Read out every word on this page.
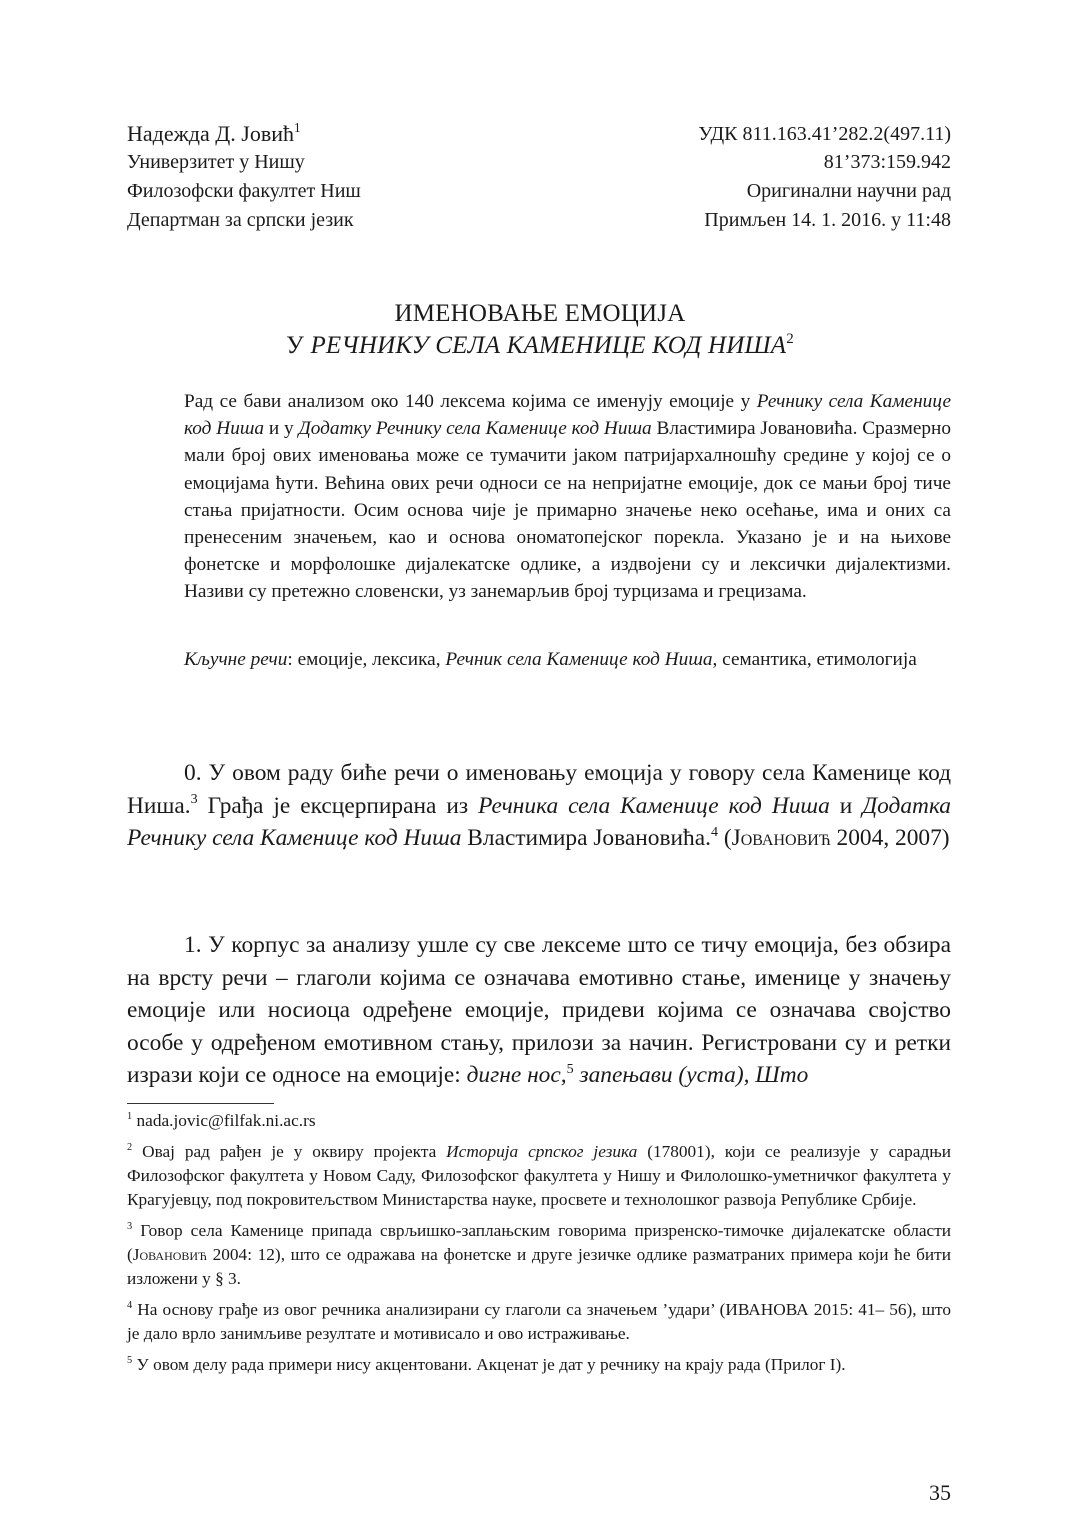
Надежда Д. Јовић$^1$
Универзитет у Нишу
Филозофски факултет Ниш
Департман за српски језик
УДК 811.163.41’282.2(497.11)
81’373:159.942
Оригинални научни рад
Примљен 14. 1. 2016. у 11:48
ИМЕНОВАЊЕ ЕМОЦИЈА
У РЕЧНИКУ СЕЛА КАМЕНИЦЕ КОД НИША$^2$
Рад се бави анализом око 140 лексема којима се именују емоције у Речнику села Каменице код Ниша и у Додатку Речнику села Каменице код Ниша Властимира Јовановића. Сразмерно мали број ових именовања може се тумачити јаком патријархалношћу средине у којој се о емоцијама ћути. Већина ових речи односи се на непријатне емоције, док се мањи број тиче стања пријатности. Осим основа чије је примарно значење неко осећање, има и оних са пренесеним значењем, као и основа ономатопејског порекла. Указано је и на њихове фонетске и морфолошке дијалекатске одлике, а издвојени су и лексички дијалектизми. Називи су претежно словенски, уз занемарљив број турцизама и грецизама.
Кључне речи: емоције, лексика, Речник села Каменице код Ниша, семантика, етимологија
0. У овом раду биће речи о именовању емоција у говору села Каменице код Ниша.$^3$ Грађа је ексцерпирана из Речника села Каменице код Ниша и Додатка Речнику села Каменице код Ниша Властимира Јовановића.$^4$ (Јовановић 2004, 2007)
1. У корпус за анализу ушле су све лексеме што се тичу емоција, без обзира на врсту речи – глаголи којима се означава емотивно стање, именице у значењу емоције или носиоца одређене емоције, придеви којима се означава својство особе у одређеном емотивном стању, прилози за начин. Регистровани су и ретки изрази који се односе на емоције: дигне нос,$^5$ запењави (уста), Што
$^1$ nada.jovic@filfak.ni.ac.rs
$^2$ Овај рад рађен је у оквиру пројекта Историја српског језика (178001), који се реализује у сарадњи Филозофског факултета у Новом Саду, Филозофског факултета у Нишу и Филолошко-уметничког факултета у Крагујевцу, под покровитељством Министарства науке, просвете и технолошког развоја Републике Србије.
$^3$ Говор села Каменице припада сврљишко-заплањским говорима призренско-тимочке дијалекатске области (Јовановић 2004: 12), што се одражава на фонетске и друге језичке одлике разматраних примера који ће бити изложени у § 3.
$^4$ На основу грађе из овог речника анализирани су глаголи са значењем ’удари’ (ИВАНОВА 2015: 41– 56), што је дало врло занимљиве резултате и мотивисало и ово истраживање.
$^5$ У овом делу рада примери нису акцентовани. Акценат је дат у речнику на крају рада (Прилог I).
35
